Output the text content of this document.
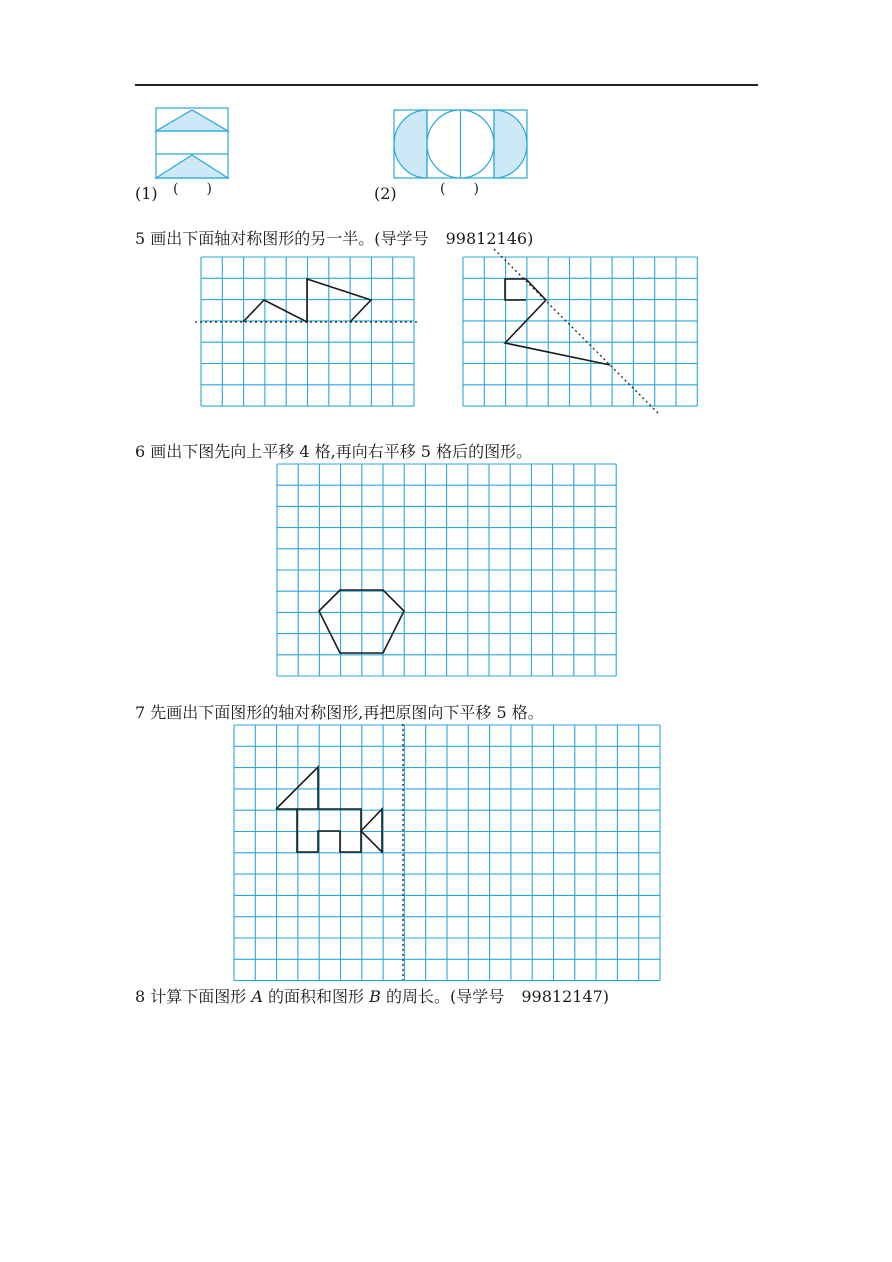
(1) (　　)	(2)	(　　)
5 画出下面轴对称图形的另一半。(导学号 99812146)
6 画出下图先向上平移 4 格,再向右平移 5 格后的图形。
7 先画出下面图形的轴对称图形,再把原图向下平移 5 格。
8 计算下面图形 A 的面积和图形 B 的周长。(导学号 99812147)
